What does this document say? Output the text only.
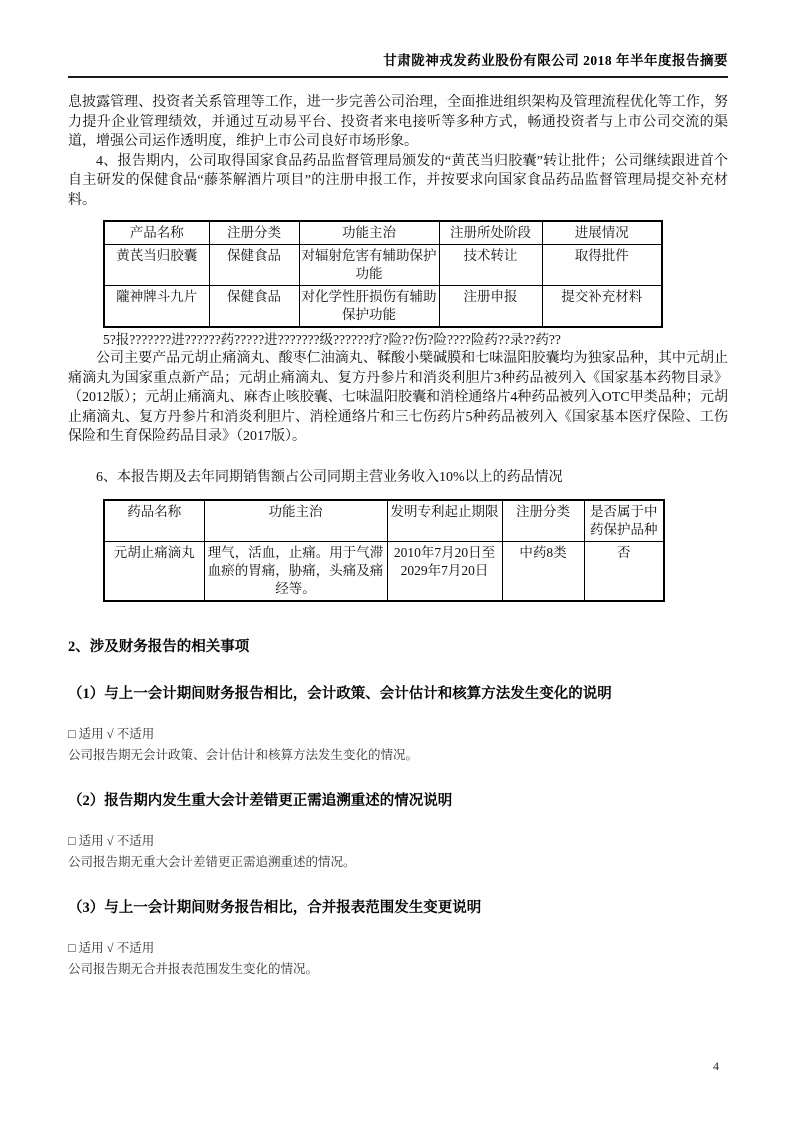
甘肃陇神戎发药业股份有限公司 2018 年半年度报告摘要

息披露管理、投资者关系管理等工作，进一步完善公司治理，全面推进组织架构及管理流程优化等工作，努力提升企业管理绩效，并通过互动易平台、投资者来电接听等多种方式，畅通投资者与上市公司交流的渠道，增强公司运作透明度，维护上市公司良好市场形象。

4、报告期内，公司取得国家食品药品监督管理局颁发的“黄芪当归胶囊”转让批件；公司继续跟进首个自主研发的保健食品“藤茶解酒片项目”的注册申报工作，并按要求向国家食品药品监督管理局提交补充材料。

产品名称	注册分类	功能主治	注册所处阶段	进展情况
黄芪当归胶囊	保健食品	对辐射危害有辅助保护功能	技术转让	取得批件
隴神牌斗九片	保健食品	对化学性肝损伤有辅助保护功能	注册申报	提交补充材料

5?报???????进??????药?????进???????级??????疗?险??伤?险????险药??录??药??

公司主要产品元胡止痛滴丸、酸枣仁油滴丸、鞣酸小檗碱膜和七味温阳胶囊均为独家品种，其中元胡止痛滴丸为国家重点新产品；元胡止痛滴丸、复方丹参片和消炎利胆片3种药品被列入《国家基本药物目录》（2012版）；元胡止痛滴丸、麻杏止咳胶囊、七味温阳胶囊和消栓通络片4种药品被列入OTC甲类品种；元胡止痛滴丸、复方丹参片和消炎利胆片、消栓通络片和三七伤药片5种药品被列入《国家基本医疗保险、工伤保险和生育保险药品目录》（2017版）。

6、本报告期及去年同期销售额占公司同期主营业务收入10%以上的药品情况

药品名称	功能主治	发明专利起止期限	注册分类	是否属于中药保护品种
元胡止痛滴丸	理气，活血，止痛。用于气滞血瘀的胃痛，胁痛，头痛及痛经等。	2010年7月20日至2029年7月20日	中药8类	否

2、涉及财务报告的相关事项

（1）与上一会计期间财务报告相比，会计政策、会计估计和核算方法发生变化的说明

□ 适用 √ 不适用

公司报告期无会计政策、会计估计和核算方法发生变化的情况。

（2）报告期内发生重大会计差错更正需追溯重述的情况说明

□ 适用 √ 不适用

公司报告期无重大会计差错更正需追溯重述的情况。

（3）与上一会计期间财务报告相比，合并报表范围发生变更说明

□ 适用 √ 不适用

公司报告期无合并报表范围发生变化的情况。

4
